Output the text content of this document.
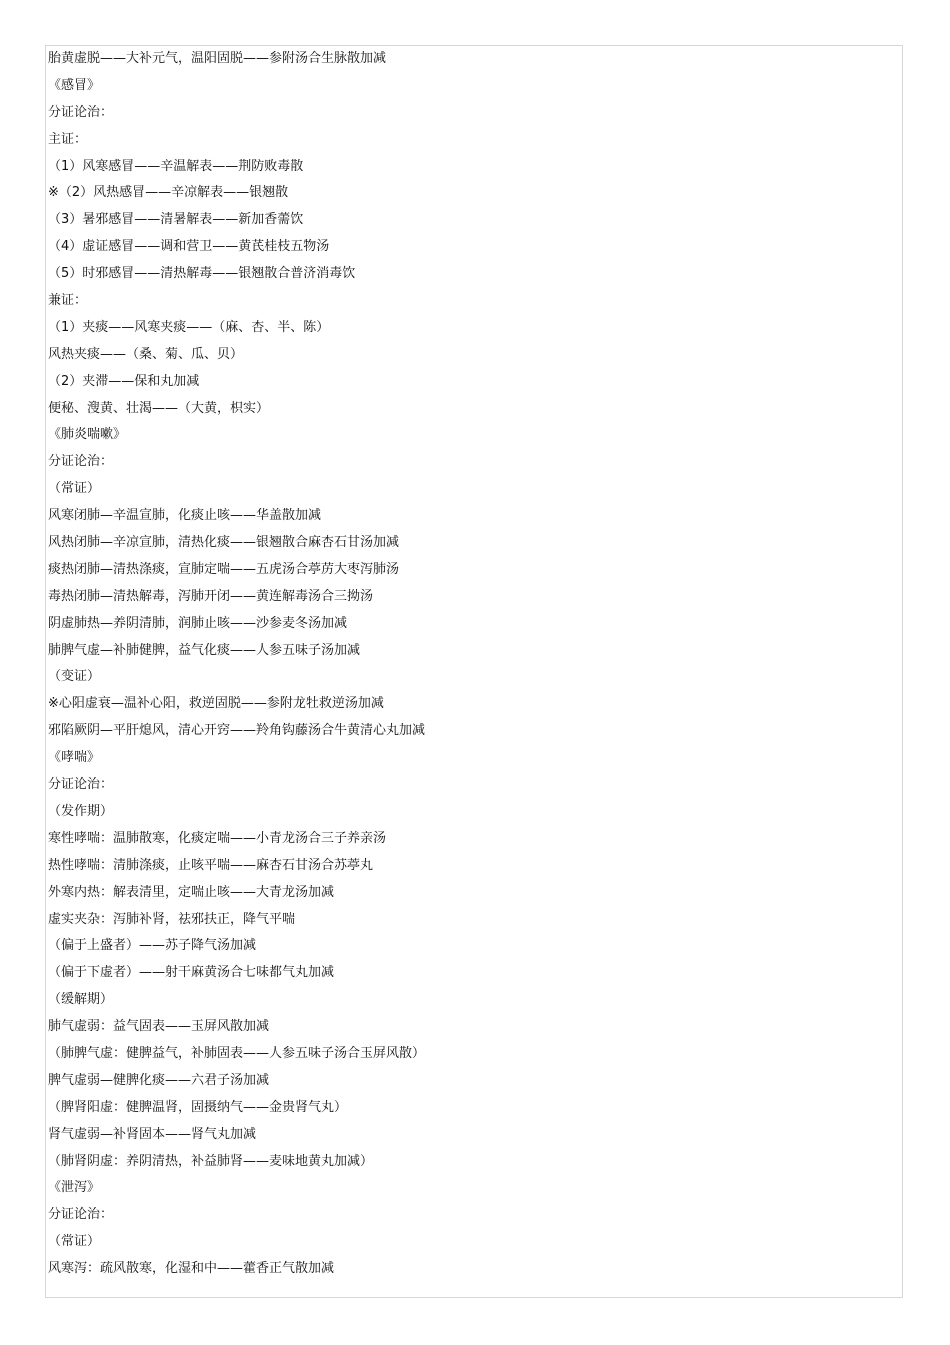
胎黄虚脱——大补元气，温阳固脱——参附汤合生脉散加减
《感冒》
分证论治：
主证：
（1）风寒感冒——辛温解表——荆防败毒散
※（2）风热感冒——辛凉解表——银翘散
（3）暑邪感冒——清暑解表——新加香薷饮
（4）虚证感冒——调和营卫——黄芪桂枝五物汤
（5）时邪感冒——清热解毒——银翘散合普济消毒饮
兼证：
（1）夹痰——风寒夹痰——（麻、杏、半、陈）
风热夹痰——（桑、菊、瓜、贝）
（2）夹滞——保和丸加减
便秘、溲黄、壮渴——（大黄，枳实）
《肺炎喘嗽》
分证论治：
（常证）
风寒闭肺—辛温宣肺，化痰止咳——华盖散加减
风热闭肺—辛凉宣肺，清热化痰——银翘散合麻杏石甘汤加减
痰热闭肺—清热涤痰，宣肺定喘——五虎汤合葶苈大枣泻肺汤
毒热闭肺—清热解毒，泻肺开闭——黄连解毒汤合三拗汤
阴虚肺热—养阴清肺，润肺止咳——沙参麦冬汤加减
肺脾气虚—补肺健脾，益气化痰——人参五味子汤加减
（变证）
※心阳虚衰—温补心阳，救逆固脱——参附龙牡救逆汤加减
邪陷厥阴—平肝熄风，清心开窍——羚角钩藤汤合牛黄清心丸加减
《哮喘》
分证论治：
（发作期）
寒性哮喘：温肺散寒，化痰定喘——小青龙汤合三子养亲汤
热性哮喘：清肺涤痰，止咳平喘——麻杏石甘汤合苏葶丸
外寒内热：解表清里，定喘止咳——大青龙汤加减
虚实夹杂：泻肺补肾，祛邪扶正，降气平喘
（偏于上盛者）——苏子降气汤加减
（偏于下虚者）——射干麻黄汤合七味都气丸加减
（缓解期）
肺气虚弱：益气固表——玉屏风散加减
（肺脾气虚：健脾益气，补肺固表——人参五味子汤合玉屏风散）
脾气虚弱—健脾化痰——六君子汤加减
（脾肾阳虚：健脾温肾，固摄纳气——金贵肾气丸）
肾气虚弱—补肾固本——肾气丸加减
（肺肾阴虚：养阴清热，补益肺肾——麦味地黄丸加减）
《泄泻》
分证论治：
（常证）
风寒泻：疏风散寒，化湿和中——藿香正气散加减
